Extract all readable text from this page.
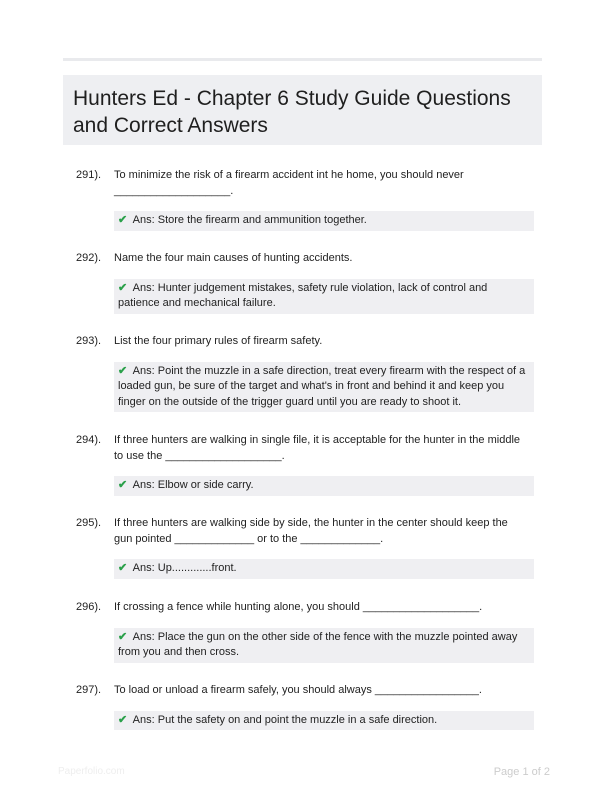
Hunters Ed - Chapter 6 Study Guide Questions and Correct Answers
291). To minimize the risk of a firearm accident int he home, you should never ___________________.
✔ Ans: Store the firearm and ammunition together.
292). Name the four main causes of hunting accidents.
✔ Ans: Hunter judgement mistakes, safety rule violation, lack of control and patience and mechanical failure.
293). List the four primary rules of firearm safety.
✔ Ans: Point the muzzle in a safe direction, treat every firearm with the respect of a loaded gun, be sure of the target and what's in front and behind it and keep you finger on the outside of the trigger guard until you are ready to shoot it.
294). If three hunters are walking in single file, it is acceptable for the hunter in the middle to use the ___________________.
✔ Ans: Elbow or side carry.
295). If three hunters are walking side by side, the hunter in the center should keep the gun pointed _____________ or to the _____________.
✔ Ans: Up.............front.
296). If crossing a fence while hunting alone, you should ___________________.
✔ Ans: Place the gun on the other side of the fence with the muzzle pointed away from you and then cross.
297). To load or unload a firearm safely, you should always _________________.
✔ Ans: Put the safety on and point the muzzle in a safe direction.
Paperfolio.com	Page 1 of 2
